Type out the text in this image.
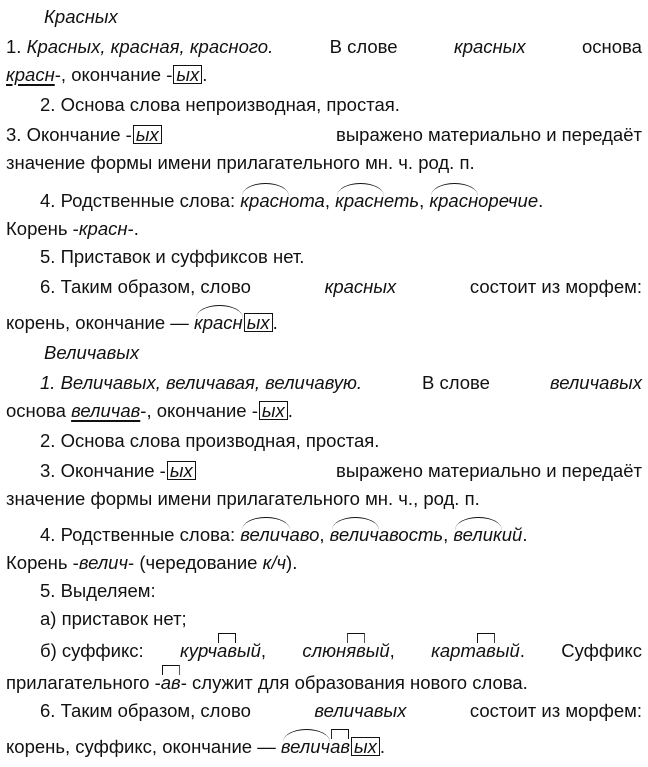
Красных
1. Красных, красная, красного.	В слове	красных	основа
красн-, окончание - ых .
2. Основа слова непроизводная, простая.
3. Окончание - ых	выражено материально и передаёт
значение формы имени прилагательного мн. ч. род. п.
4. Родственные слова: краснота, краснеть, красноречие.
Корень -красн-.
5. Приставок и суффиксов нет.
6. Таким образом, слово	красных	состоит из морфем:
корень, окончание — красн ых .
Величавых
1. Величавых, величавая, величавую.	В слове	величавых
основа величав-, окончание - ых .
2. Основа слова производная, простая.
3. Окончание - ых	выражено материально и передаёт
значение формы имени прилагательного мн. ч., род. п.
4. Родственные слова: величаво, величавость, великий.
Корень -велич- (чередование к/ч).
5. Выделяем:
а) приставок нет;
б) суффикс: курчавый, слюнявый, картавый. Суффикс
прилагательного -ав- служит для образования нового слова.
6. Таким образом, слово	величавых	состоит из морфем:
корень, суффикс, окончание — величав ых .
